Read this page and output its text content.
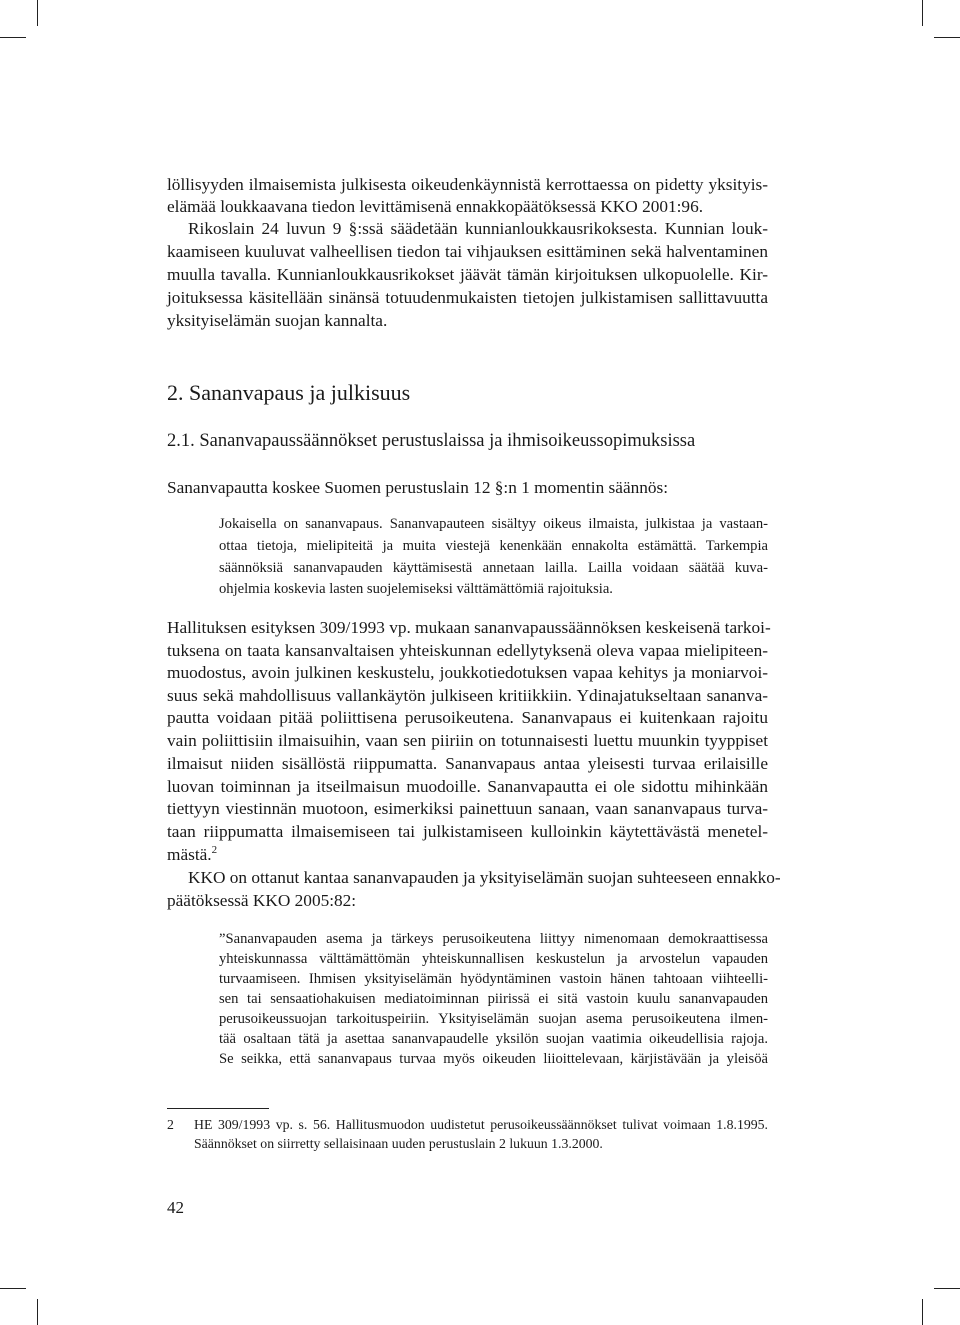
löllisyyden ilmaisemista julkisesta oikeudenkäynnistä kerrottaessa on pidetty yksityis-
elämää loukkaavana tiedon levittämisenä ennakkopäätöksessä KKO 2001:96.
Rikoslain 24 luvun 9 §:ssä säädetään kunnianloukkausrikoksesta. Kunnian louk-
kaamiseen kuuluvat valheellisen tiedon tai vihjauksen esittäminen sekä halventaminen
muulla tavalla. Kunnianloukkausrikokset jäävät tämän kirjoituksen ulkopuolelle. Kir-
joituksessa käsitellään sinänsä totuudenmukaisten tietojen julkistamisen sallittavuutta
yksityiselämän suojan kannalta.
2. Sananvapaus ja julkisuus
2.1. Sananvapaussäännökset perustuslaissa ja ihmisoikeussopimuksissa
Sananvapautta koskee Suomen perustuslain 12 §:n 1 momentin säännös:
Jokaisella on sananvapaus. Sananvapauteen sisältyy oikeus ilmaista, julkistaa ja vastaan-
ottaa tietoja, mielipiteitä ja muita viestejä kenenkään ennakolta estämättä. Tarkempia
säännöksiä sananvapauden käyttämisestä annetaan lailla. Lailla voidaan säätää kuva-
ohjelmia koskevia lasten suojelemiseksi välttämättömiä rajoituksia.
Hallituksen esityksen 309/1993 vp. mukaan sananvapaussäännöksen keskeisenä tarkoi-
tuksena on taata kansanvaltaisen yhteiskunnan edellytyksenä oleva vapaa mielipiteen-
muodostus, avoin julkinen keskustelu, joukkotiedotuksen vapaa kehitys ja moniarvoi-
suus sekä mahdollisuus vallankäytön julkiseen kritiikkiin. Ydinajatukseltaan sananva-
pautta voidaan pitää poliittisena perusoikeutena. Sananvapaus ei kuitenkaan rajoitu
vain poliittisiin ilmaisuihin, vaan sen piiriin on totunnaisesti luettu muunkin tyyppiset
ilmaisut niiden sisällöstä riippumatta. Sananvapaus antaa yleisesti turvaa erilaisille
luovan toiminnan ja itseilmaisun muodoille. Sananvapautta ei ole sidottu mihinkään
tiettyyn viestinnän muotoon, esimerkiksi painettuun sanaan, vaan sananvapaus turva-
taan riippumatta ilmaisemiseen tai julkistamiseen kulloinkin käytettävästä menetel-
mästä.$^2$
KKO on ottanut kantaa sananvapauden ja yksityiselämän suojan suhteeseen ennakko-
päätöksessä KKO 2005:82:
”Sananvapauden asema ja tärkeys perusoikeutena liittyy nimenomaan demokraattisessa
yhteiskunnassa välttämättömän yhteiskunnallisen keskustelun ja arvostelun vapauden
turvaamiseen. Ihmisen yksityiselämän hyödyntäminen vastoin hänen tahtoaan viihteelli-
sen tai sensaatiohakuisen mediatoiminnan piirissä ei sitä vastoin kuulu sananvapauden
perusoikeussuojan tarkoituspeiriin. Yksityiselämän suojan asema perusoikeutena ilmen-
tää osaltaan tätä ja asettaa sananvapaudelle yksilön suojan vaatimia oikeudellisia rajoja.
Se seikka, että sananvapaus turvaa myös oikeuden liioittelevaan, kärjistävään ja yleisöä
2 HE 309/1993 vp. s. 56. Hallitusmuodon uudistetut perusoikeussäännökset tulivat voimaan 1.8.1995.
Säännökset on siirretty sellaisinaan uuden perustuslain 2 lukuun 1.3.2000.
42
